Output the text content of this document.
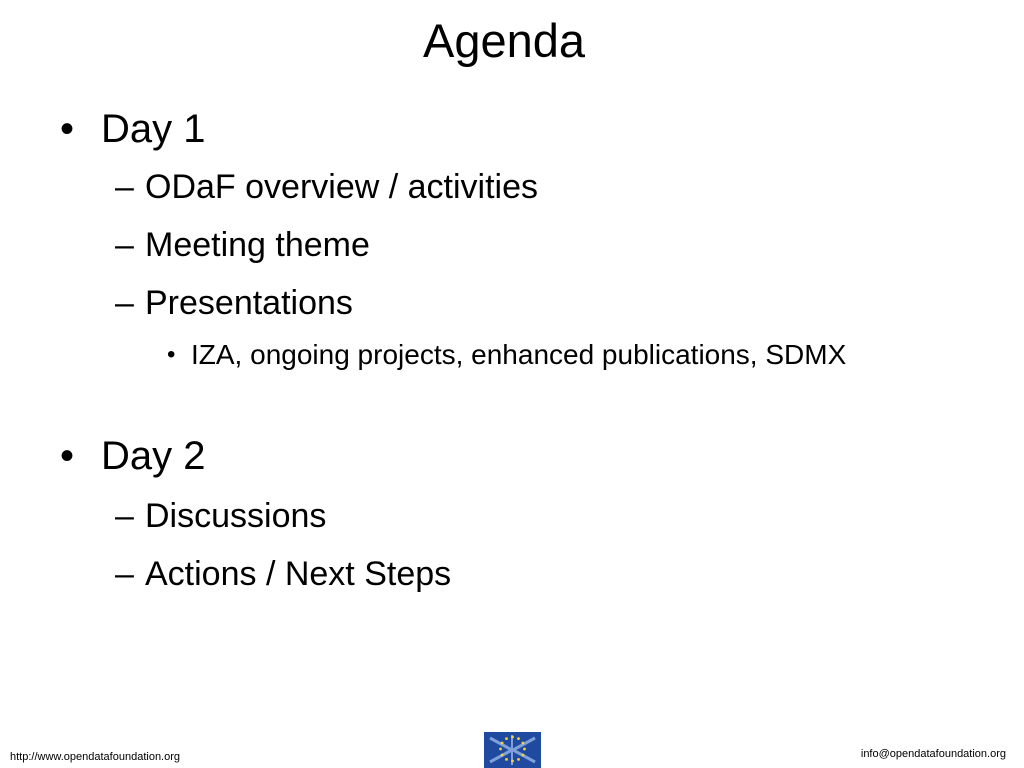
Agenda
• Day 1
– ODaF overview / activities
– Meeting theme
– Presentations
• IZA, ongoing projects, enhanced publications, SDMX
• Day 2
– Discussions
– Actions / Next Steps
http://www.opendatafoundation.org	info@opendatafoundation.org
